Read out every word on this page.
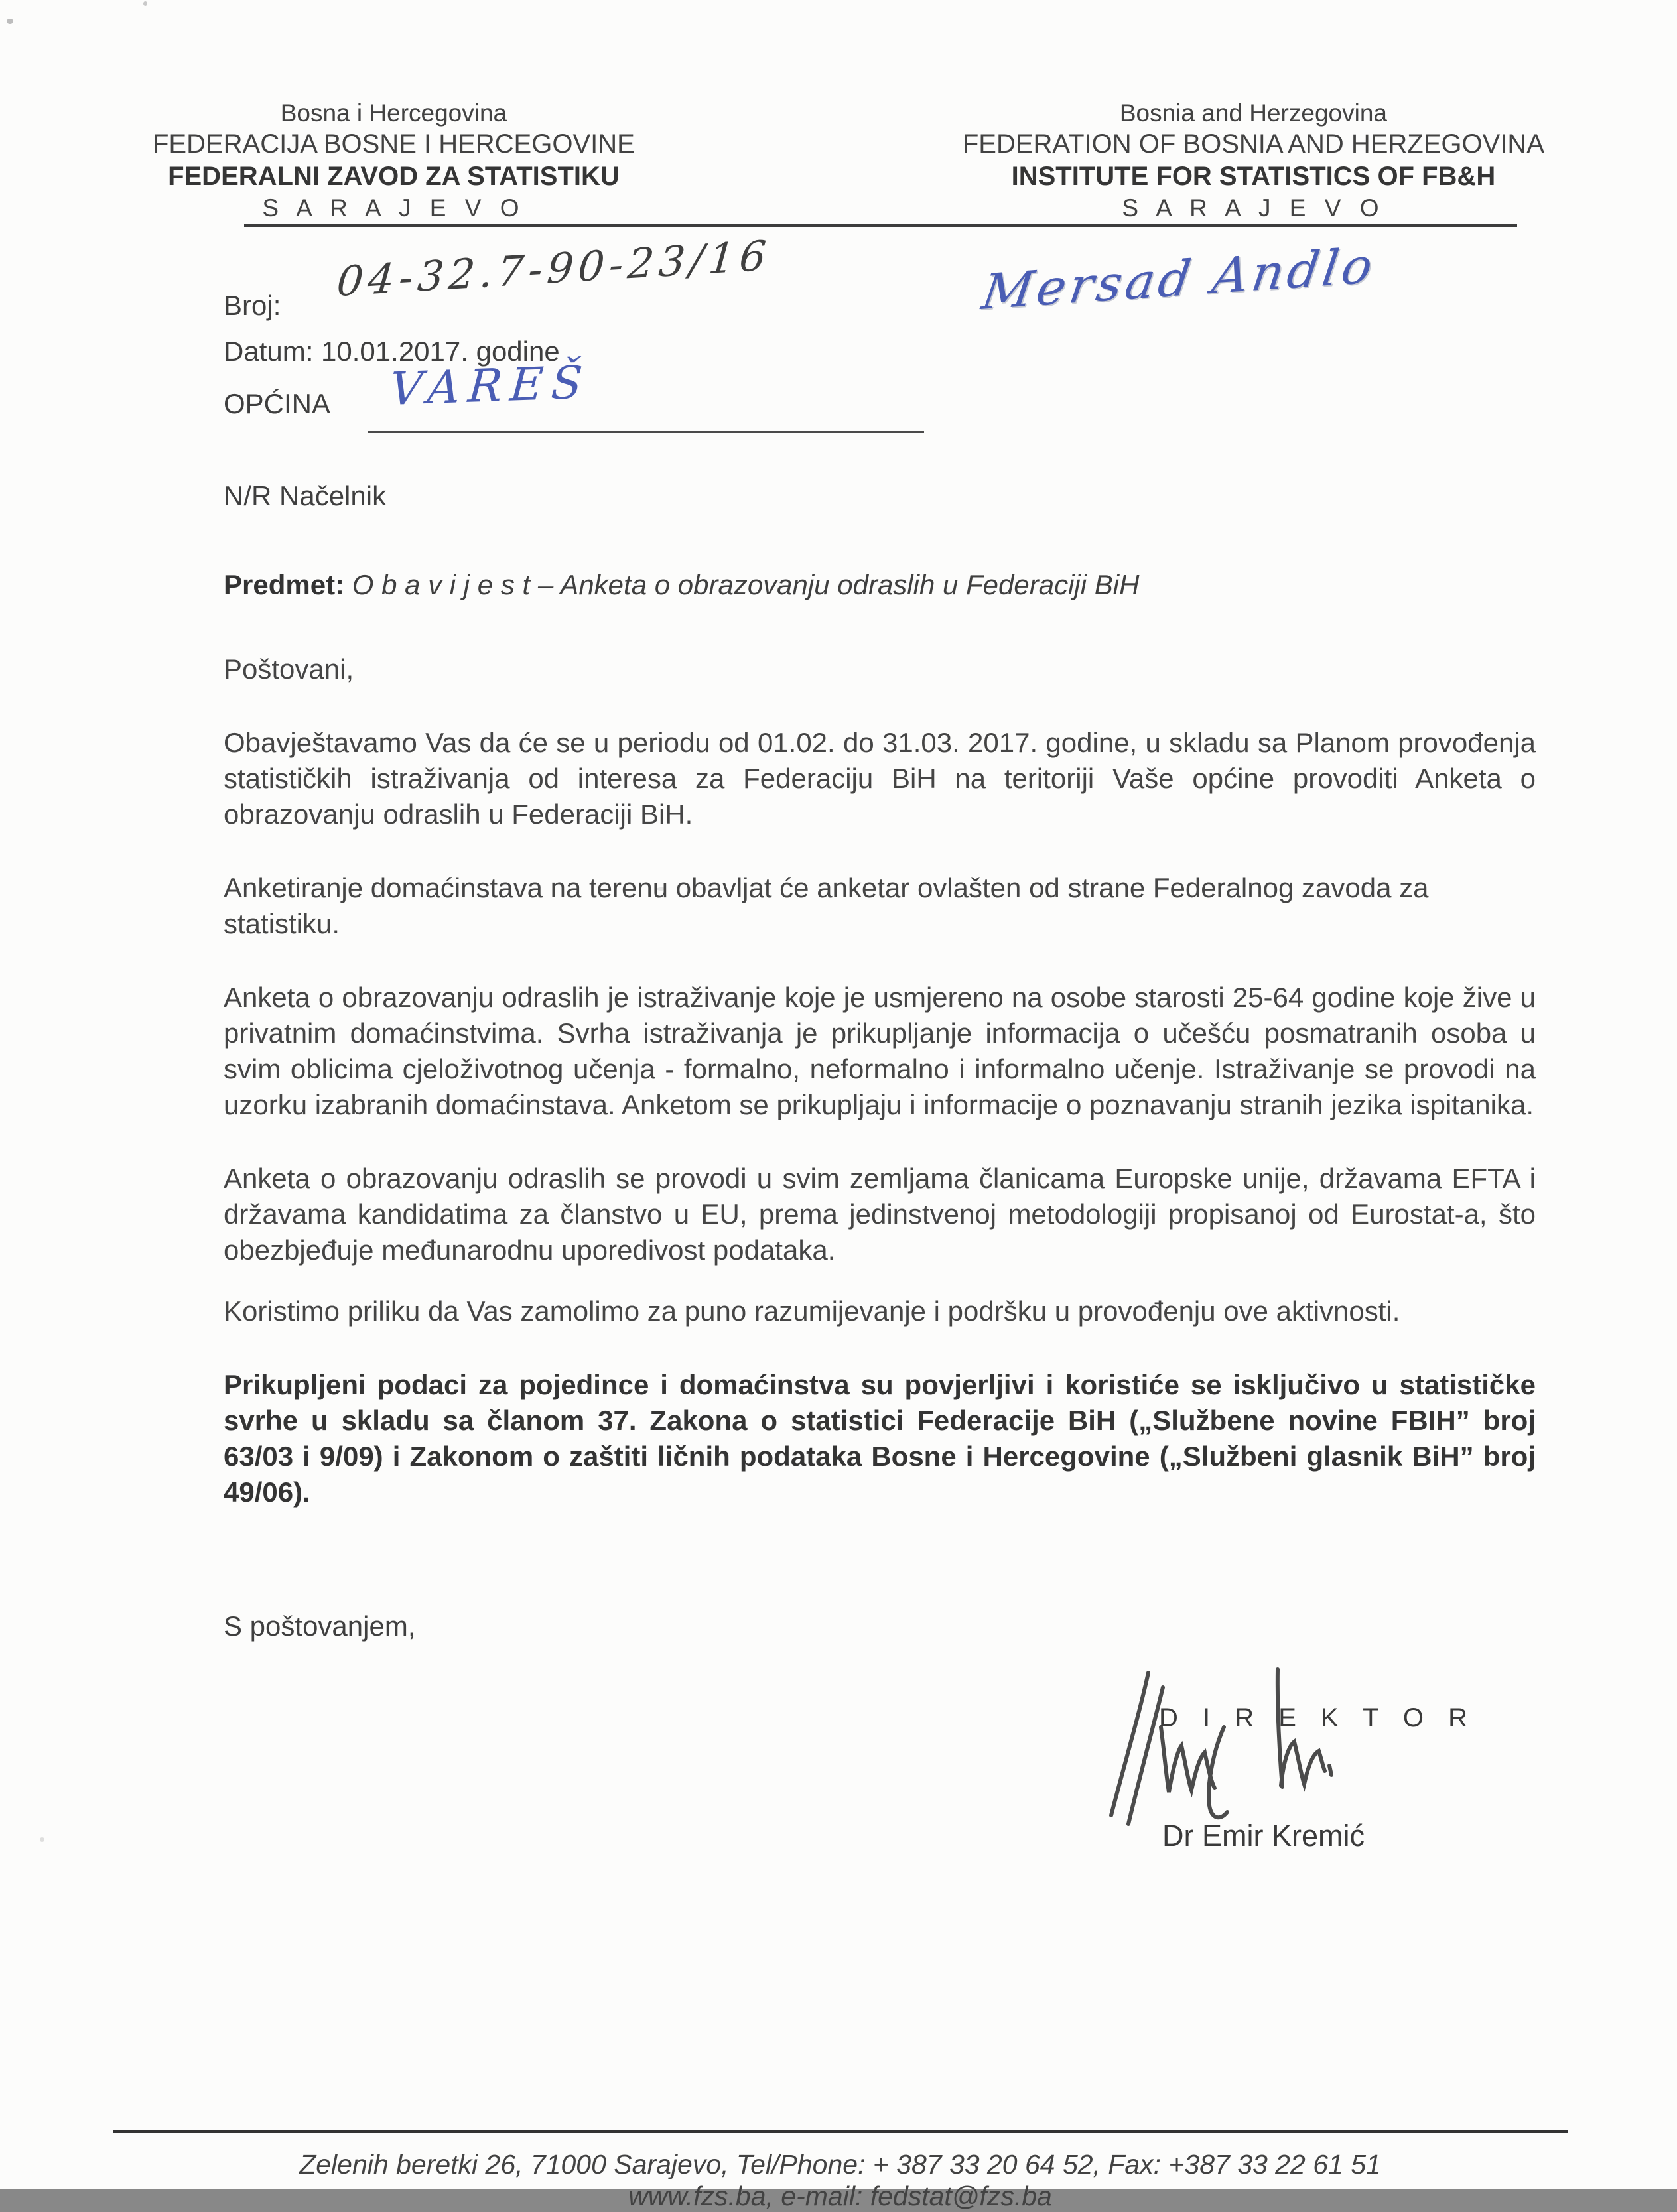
Bosna i Hercegovina
FEDERACIJA BOSNE I HERCEGOVINE
FEDERALNI ZAVOD ZA STATISTIKU
S A R A J E V O
Bosnia and Herzegovina
FEDERATION OF BOSNIA AND HERZEGOVINA
INSTITUTE FOR STATISTICS OF FB&H
S A R A J E V O
Broj: 04-32.7-90-23/16
Datum: 10.01.2017. godine
OPĆINA VAREŠ
Mersad Andlo
N/R Načelnik
Predmet: O b a v i j e s t – Anketa o obrazovanju odraslih u Federaciji BiH

Poštovani,

Obavještavamo Vas da će se u periodu od 01.02. do 31.03. 2017. godine, u skladu sa Planom provođenja statističkih istraživanja od interesa za Federaciju BiH na teritoriji Vaše općine provoditi Anketa o obrazovanju odraslih u Federaciji BiH.

Anketiranje domaćinstava na terenu obavljat će anketar ovlašten od strane Federalnog zavoda za statistiku.

Anketa o obrazovanju odraslih je istraživanje koje je usmjereno na osobe starosti 25-64 godine koje žive u privatnim domaćinstvima. Svrha istraživanja je prikupljanje informacija o učešću posmatranih osoba u svim oblicima cjeloživotnog učenja - formalno, neformalno i informalno učenje. Istraživanje se provodi na uzorku izabranih domaćinstava. Anketom se prikupljaju i informacije o poznavanju stranih jezika ispitanika.

Anketa o obrazovanju odraslih se provodi u svim zemljama članicama Europske unije, državama EFTA i državama kandidatima za članstvo u EU, prema jedinstvenoj metodologiji propisanoj od Eurostat-a, što obezbjeđuje međunarodnu uporedivost podataka.

Koristimo priliku da Vas zamolimo za puno razumijevanje i podršku u provođenju ove aktivnosti.

Prikupljeni podaci za pojedince i domaćinstva su povjerljivi i koristiće se isključivo u statističke svrhe u skladu sa članom 37. Zakona o statistici Federacije BiH („Službene novine FBIH” broj 63/03 i 9/09) i Zakonom o zaštiti ličnih podataka Bosne i Hercegovine („Službeni glasnik BiH” broj 49/06).

S poštovanjem,
D I R E K T O R
Dr Emir Kremić
Zelenih beretki 26, 71000 Sarajevo, Tel/Phone: + 387 33 20 64 52, Fax: +387 33 22 61 51
www.fzs.ba, e-mail: fedstat@fzs.ba
